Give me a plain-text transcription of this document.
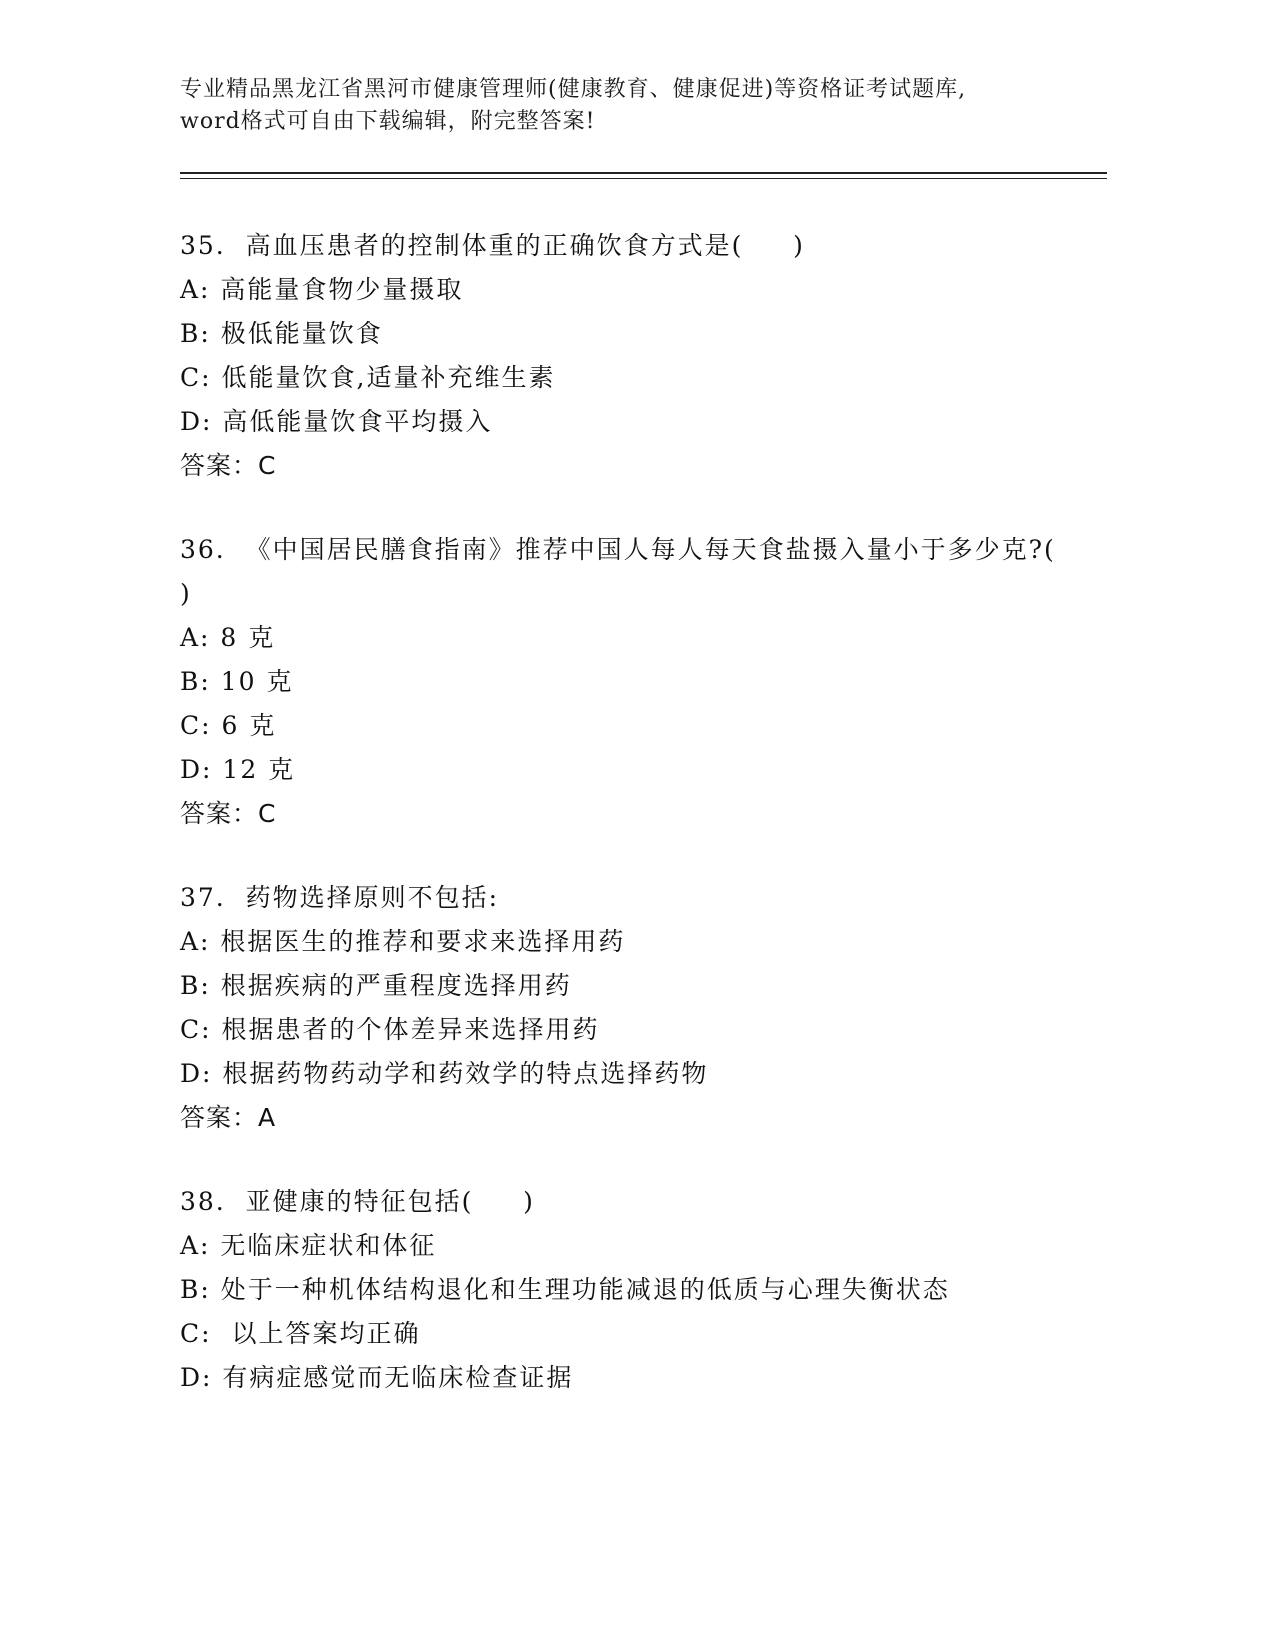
专业精品黑龙江省黑河市健康管理师(健康教育、健康促进)等资格证考试题库,
word格式可自由下载编辑，附完整答案!
35.  高血压患者的控制体重的正确饮食方式是(     )
A: 高能量食物少量摄取
B: 极低能量饮食
C: 低能量饮食,适量补充维生素
D: 高低能量饮食平均摄入
答案：C
36.  《中国居民膳食指南》推荐中国人每人每天食盐摄入量小于多少克?(     )
A: 8 克
B: 10 克
C: 6 克
D: 12 克
答案：C
37.  药物选择原则不包括:
A: 根据医生的推荐和要求来选择用药
B: 根据疾病的严重程度选择用药
C: 根据患者的个体差异来选择用药
D: 根据药物药动学和药效学的特点选择药物
答案：A
38.  亚健康的特征包括(     )
A: 无临床症状和体征
B: 处于一种机体结构退化和生理功能减退的低质与心理失衡状态
C:  以上答案均正确
D: 有病症感觉而无临床检查证据
